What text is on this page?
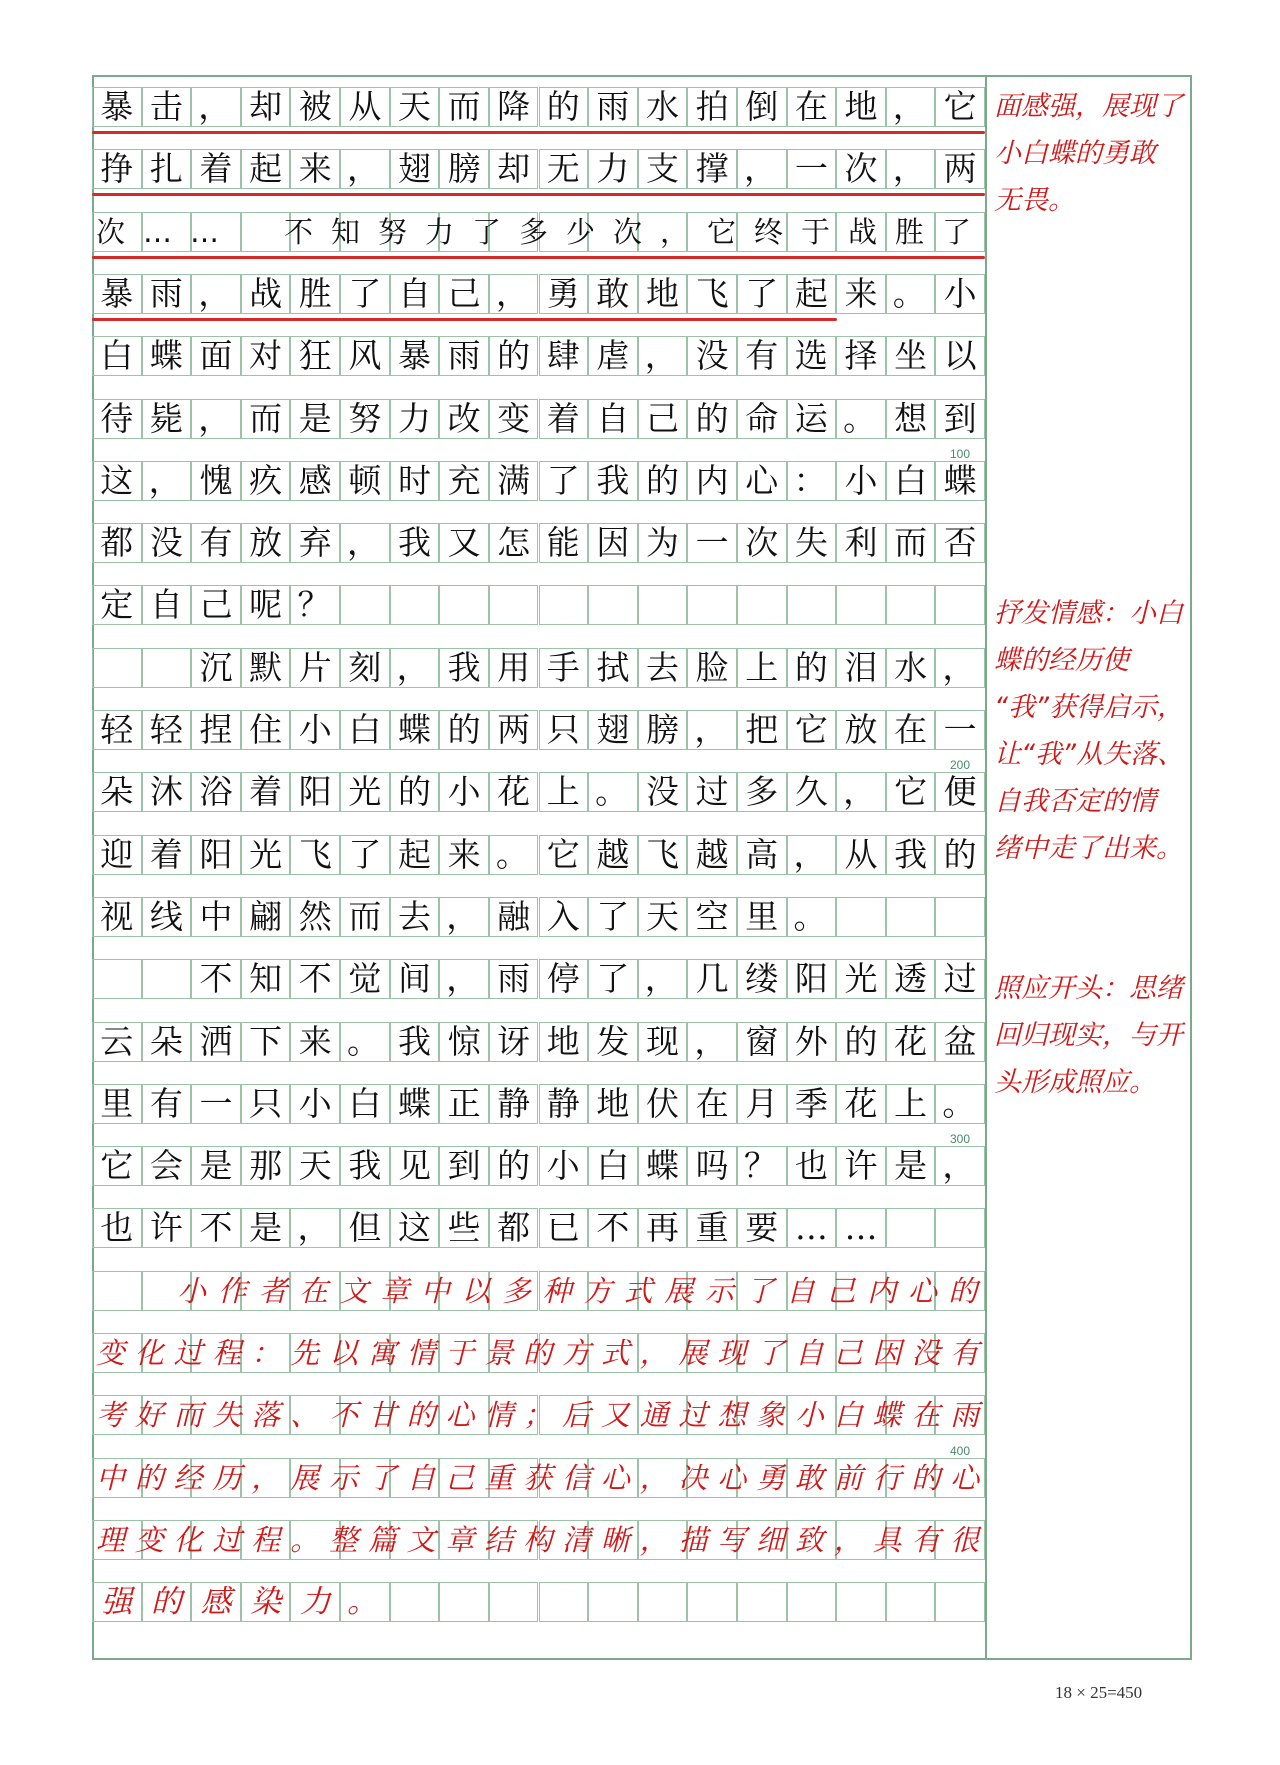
暴 击 ， 却 被 从 天 而 降 的 雨 水 拍 倒 在 地 ， 它
挣 扎 着 起 来 ， 翅 膀 却 无 力 支 撑 ， 一 次 ， 两
次 … … 不 知 努 力 了 多 少 次 ， 它 终 于 战 胜 了
暴 雨 ， 战 胜 了 自 己 ， 勇 敢 地 飞 了 起 来 。 小
白 蝶 面 对 狂 风 暴 雨 的 肆 虐 ， 没 有 选 择 坐 以
待 毙 ， 而 是 努 力 改 变 着 自 己 的 命 运 。 想 到
这 ， 愧 疚 感 顿 时 充 满 了 我 的 内 心 ： 小 白 蝶
都 没 有 放 弃 ， 我 又 怎 能 因 为 一 次 失 利 而 否
定 自 己 呢 ？
沉 默 片 刻 ， 我 用 手 拭 去 脸 上 的 泪 水 ，
轻 轻 捏 住 小 白 蝶 的 两 只 翅 膀 ， 把 它 放 在 一
朵 沐 浴 着 阳 光 的 小 花 上 。 没 过 多 久 ， 它 便
迎 着 阳 光 飞 了 起 来 。 它 越 飞 越 高 ， 从 我 的
视 线 中 翩 然 而 去 ， 融 入 了 天 空 里 。
不 知 不 觉 间 ， 雨 停 了 ， 几 缕 阳 光 透 过
云 朵 洒 下 来 。 我 惊 讶 地 发 现 ， 窗 外 的 花 盆
里 有 一 只 小 白 蝶 正 静 静 地 伏 在 月 季 花 上 。
它 会 是 那 天 我 见 到 的 小 白 蝶 吗 ？ 也 许 是 ，
也 许 不 是 ， 但 这 些 都 已 不 再 重 要 … …
小 作 者 在 文 章 中 以 多 种 方 式 展 示 了 自 己 内 心 的
变 化 过 程 ： 先 以 寓 情 于 景 的 方 式 ， 展 现 了 自 己 因 没 有
考 好 而 失 落 、 不 甘 的 心 情 ； 后 又 通 过 想 象 小 白 蝶 在 雨
中 的 经 历 ， 展 示 了 自 己 重 获 信 心 ， 决 心 勇 敢 前 行 的 心
理 变 化 过 程 。 整 篇 文 章 结 构 清 晰 ， 描 写 细 致 ， 具 有 很
强 的 感 染 力 。
100
200
300
400
面感强，展现了
小白蝶的勇敢
无畏。
抒发情感：小白
蝶的经历使
“我”获得启示，
让“我”从失落、
自我否定的情
绪中走了出来。
照应开头：思绪
回归现实，与开
头形成照应。
18 × 25=450
